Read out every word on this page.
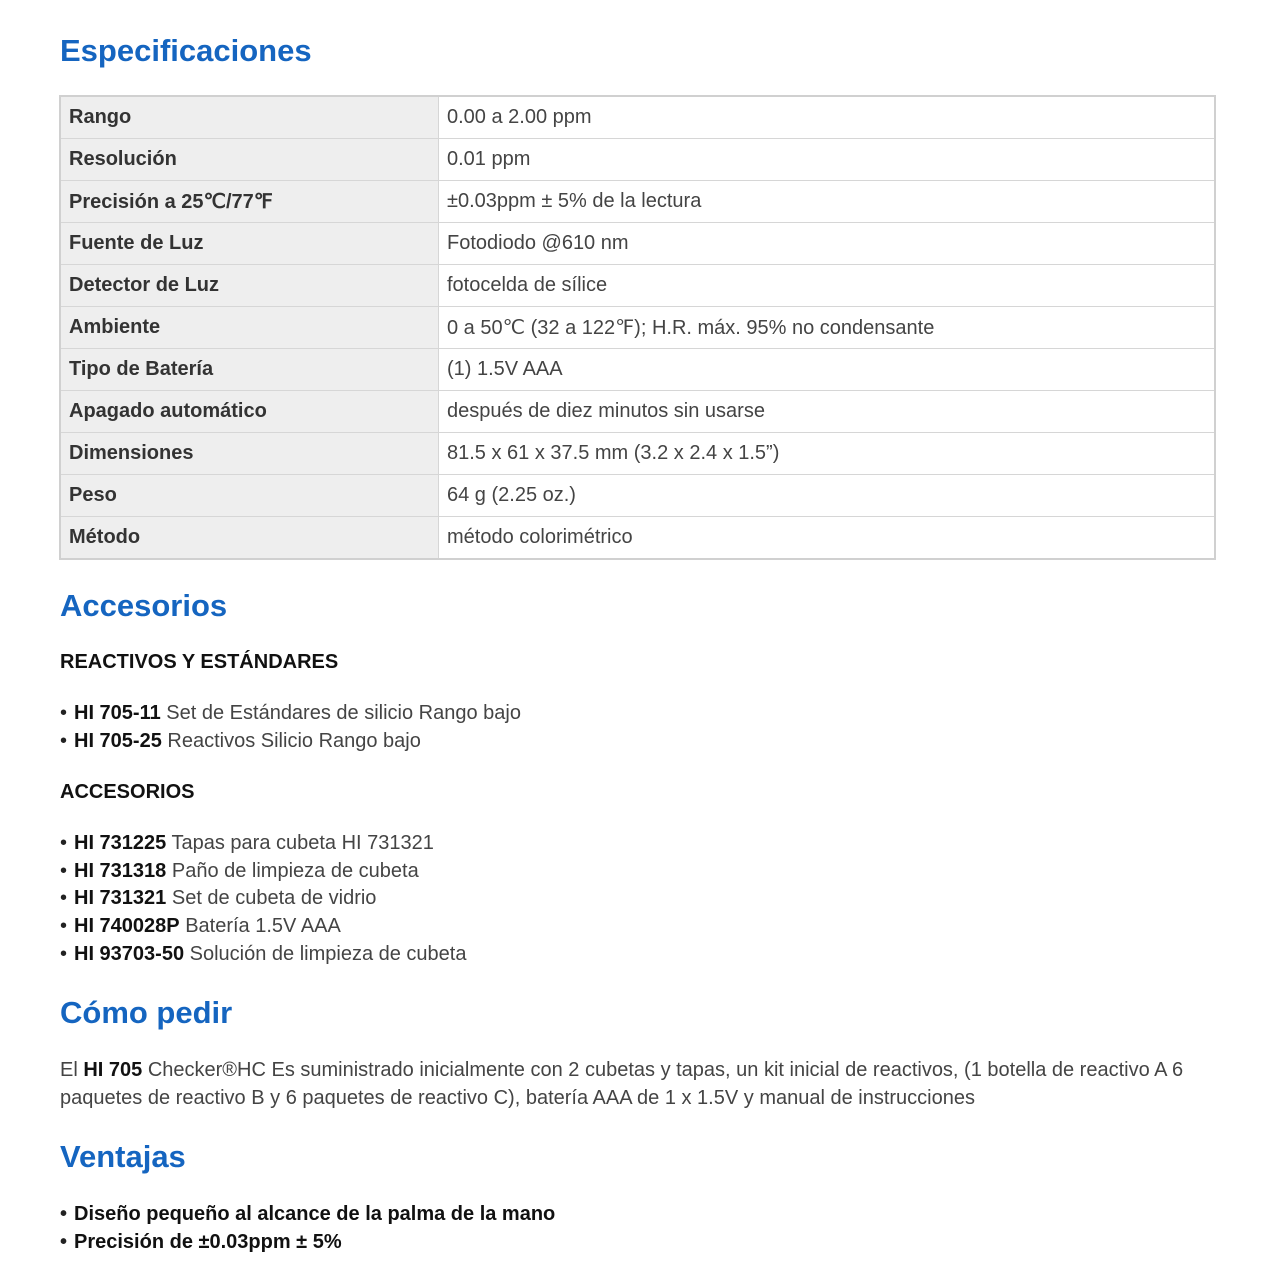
Especificaciones
Rango	0.00 a 2.00 ppm
Resolución	0.01 ppm
Precisión a 25℃/77℉	±0.03ppm ± 5% de la lectura
Fuente de Luz	Fotodiodo @610 nm
Detector de Luz	fotocelda de sílice
Ambiente	0 a 50℃ (32 a 122℉); H.R. máx. 95% no condensante
Tipo de Batería	(1) 1.5V AAA
Apagado automático	después de diez minutos sin usarse
Dimensiones	81.5 x 61 x 37.5 mm (3.2 x 2.4 x 1.5”)
Peso	64 g (2.25 oz.)
Método	método colorimétrico
Accesorios
REACTIVOS Y ESTÁNDARES
• HI 705-11 Set de Estándares de silicio Rango bajo
• HI 705-25 Reactivos Silicio Rango bajo
ACCESORIOS
• HI 731225 Tapas para cubeta HI 731321
• HI 731318 Paño de limpieza de cubeta
• HI 731321 Set de cubeta de vidrio
• HI 740028P Batería 1.5V AAA
• HI 93703-50 Solución de limpieza de cubeta
Cómo pedir

El HI 705 Checker®HC Es suministrado inicialmente con 2 cubetas y tapas, un kit inicial de reactivos, (1 botella de reactivo A 6 paquetes de reactivo B y 6 paquetes de reactivo C), batería AAA de 1 x 1.5V y manual de instrucciones

Ventajas
• Diseño pequeño al alcance de la palma de la mano
• Precisión de ±0.03ppm ± 5%
